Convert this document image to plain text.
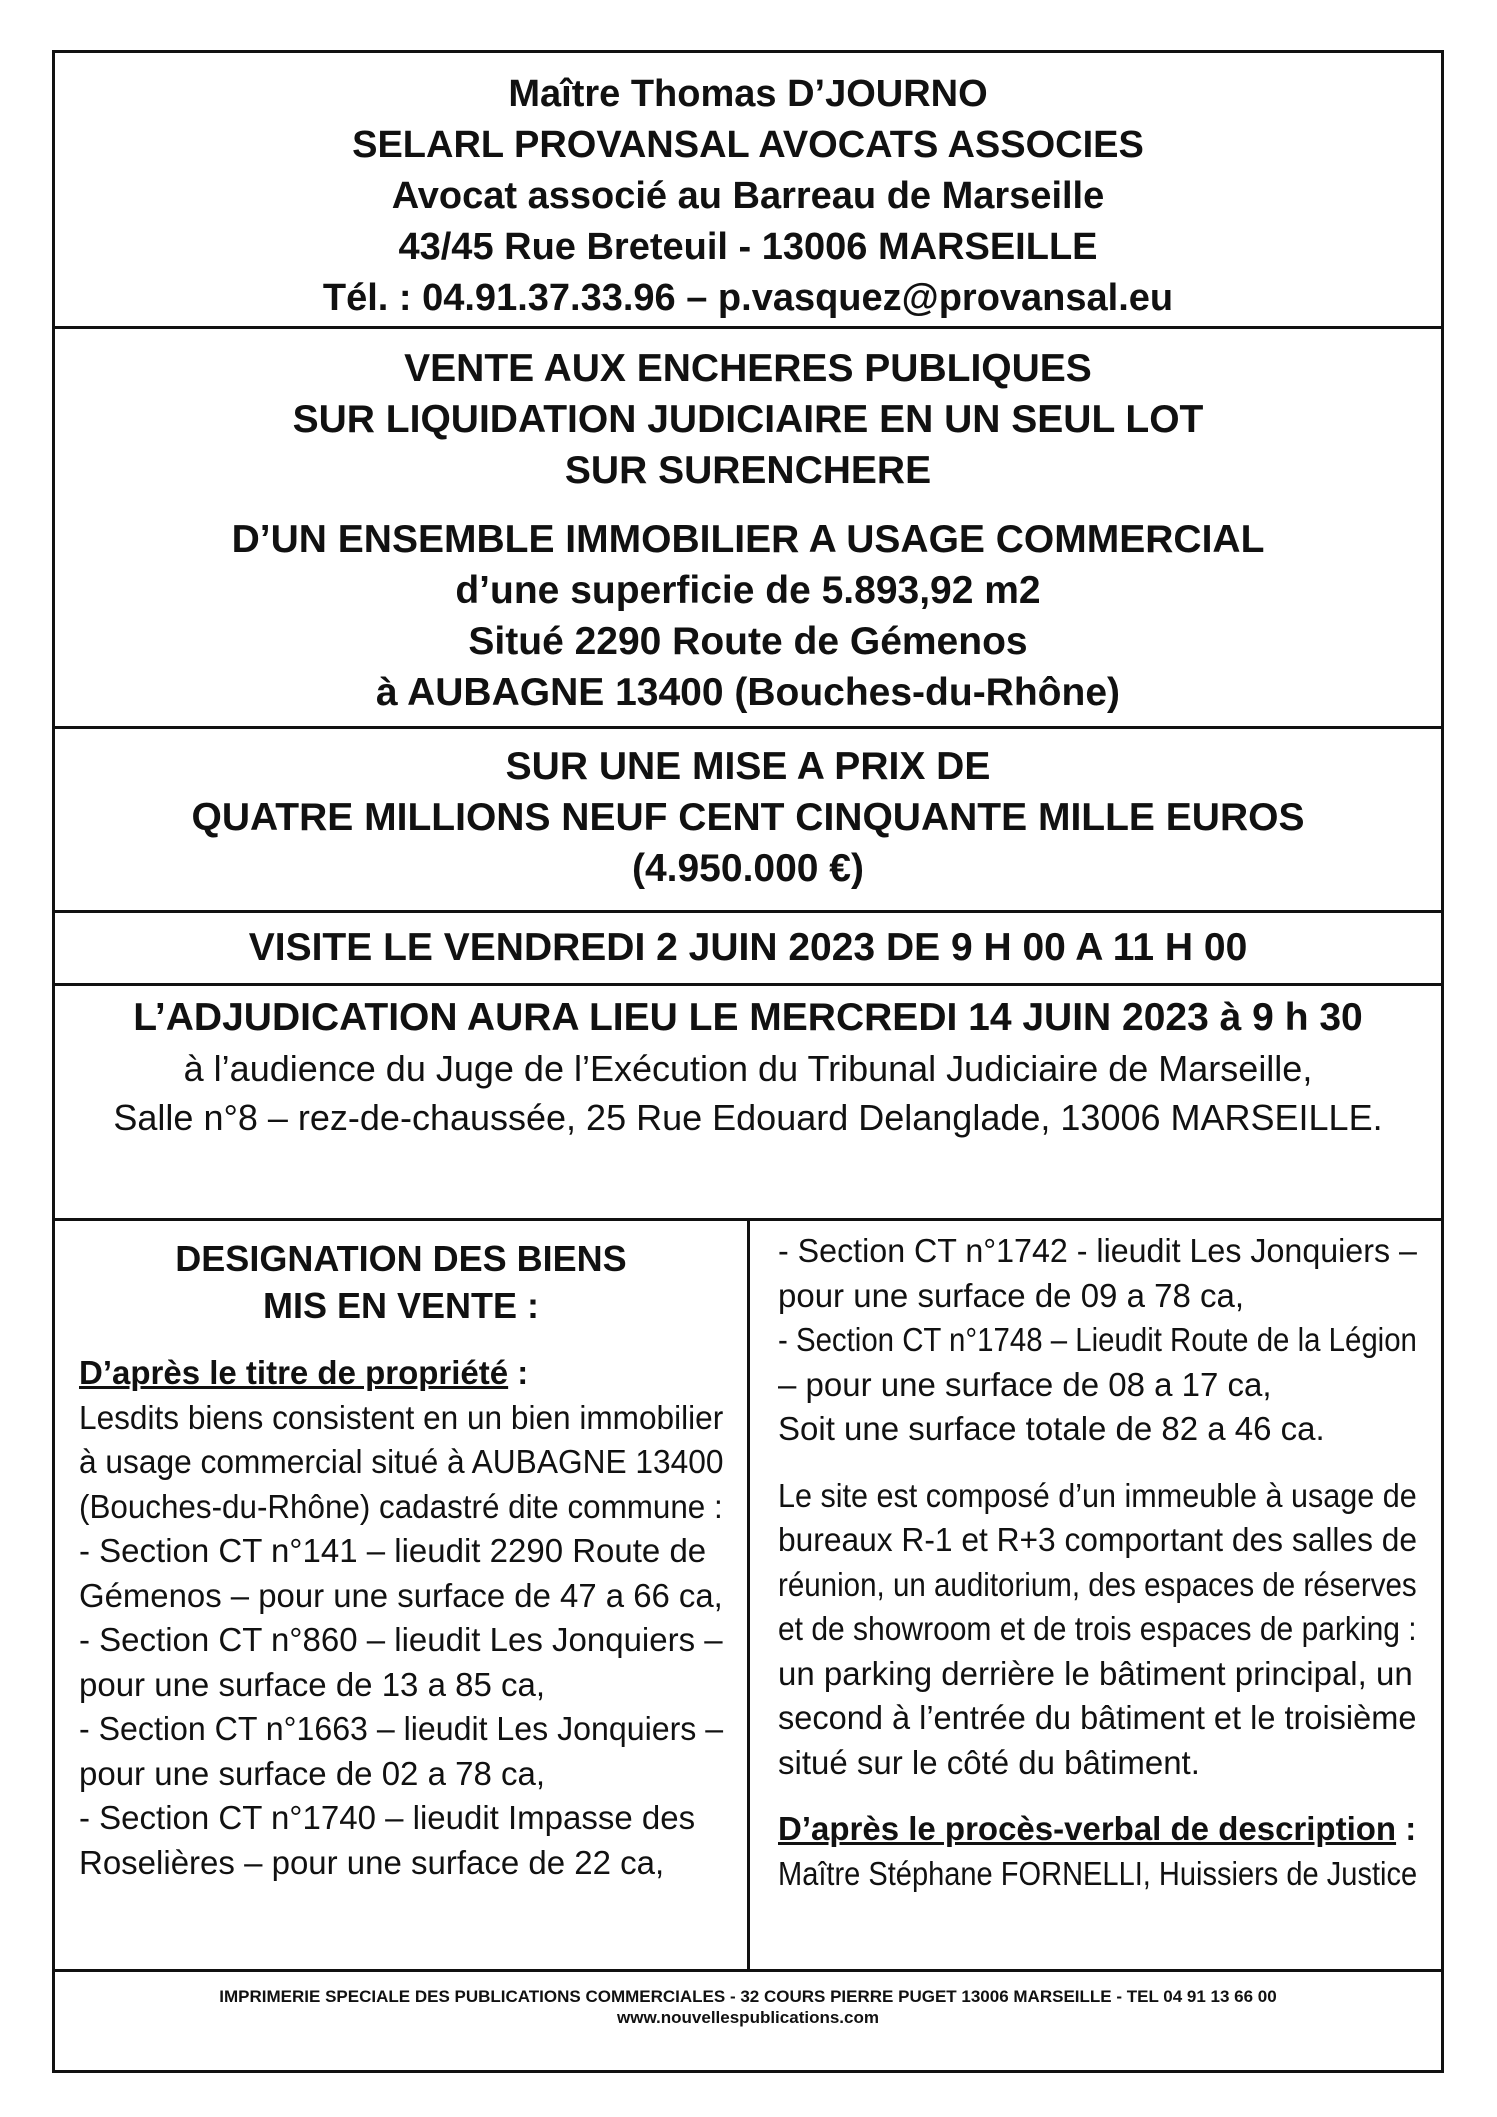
Maître Thomas D’JOURNO
SELARL PROVANSAL AVOCATS ASSOCIES
Avocat associé au Barreau de Marseille
43/45 Rue Breteuil - 13006 MARSEILLE
Tél. : 04.91.37.33.96 – p.vasquez@provansal.eu
VENTE AUX ENCHERES PUBLIQUES
SUR LIQUIDATION JUDICIAIRE EN UN SEUL LOT
SUR SURENCHERE
D’UN ENSEMBLE IMMOBILIER A USAGE COMMERCIAL
d’une superficie de 5.893,92 m2
Situé 2290 Route de Gémenos
à AUBAGNE 13400 (Bouches-du-Rhône)
SUR UNE MISE A PRIX DE
QUATRE MILLIONS NEUF CENT CINQUANTE MILLE EUROS
(4.950.000 €)
VISITE LE VENDREDI 2 JUIN 2023 DE 9 H 00 A 11 H 00
L’ADJUDICATION AURA LIEU LE MERCREDI 14 JUIN 2023 à 9 h 30
à l’audience du Juge de l’Exécution du Tribunal Judiciaire de Marseille,
Salle n°8 – rez-de-chaussée, 25 Rue Edouard Delanglade, 13006 MARSEILLE.
DESIGNATION DES BIENS
MIS EN VENTE :
D’après le titre de propriété :
Lesdits biens consistent en un bien immobilier
à usage commercial situé à AUBAGNE 13400
(Bouches-du-Rhône) cadastré dite commune :
- Section CT n°141 – lieudit 2290 Route de
Gémenos – pour une surface de 47 a 66 ca,
- Section CT n°860 – lieudit Les Jonquiers –
pour une surface de 13 a 85 ca,
- Section CT n°1663 – lieudit Les Jonquiers –
pour une surface de 02 a 78 ca,
- Section CT n°1740 – lieudit Impasse des
Roselières – pour une surface de 22 ca,
- Section CT n°1742 - lieudit Les Jonquiers –
pour une surface de 09 a 78 ca,
- Section CT n°1748 – Lieudit Route de la Légion
– pour une surface de 08 a 17 ca,
Soit une surface totale de 82 a 46 ca.
Le site est composé d’un immeuble à usage de
bureaux R-1 et R+3 comportant des salles de
réunion, un auditorium, des espaces de réserves
et de showroom et de trois espaces de parking :
un parking derrière le bâtiment principal, un
second à l’entrée du bâtiment et le troisième
situé sur le côté du bâtiment.
D’après le procès-verbal de description :
Maître Stéphane FORNELLI, Huissiers de Justice
IMPRIMERIE SPECIALE DES PUBLICATIONS COMMERCIALES - 32 COURS PIERRE PUGET 13006 MARSEILLE - TEL 04 91 13 66 00
www.nouvellespublications.com
